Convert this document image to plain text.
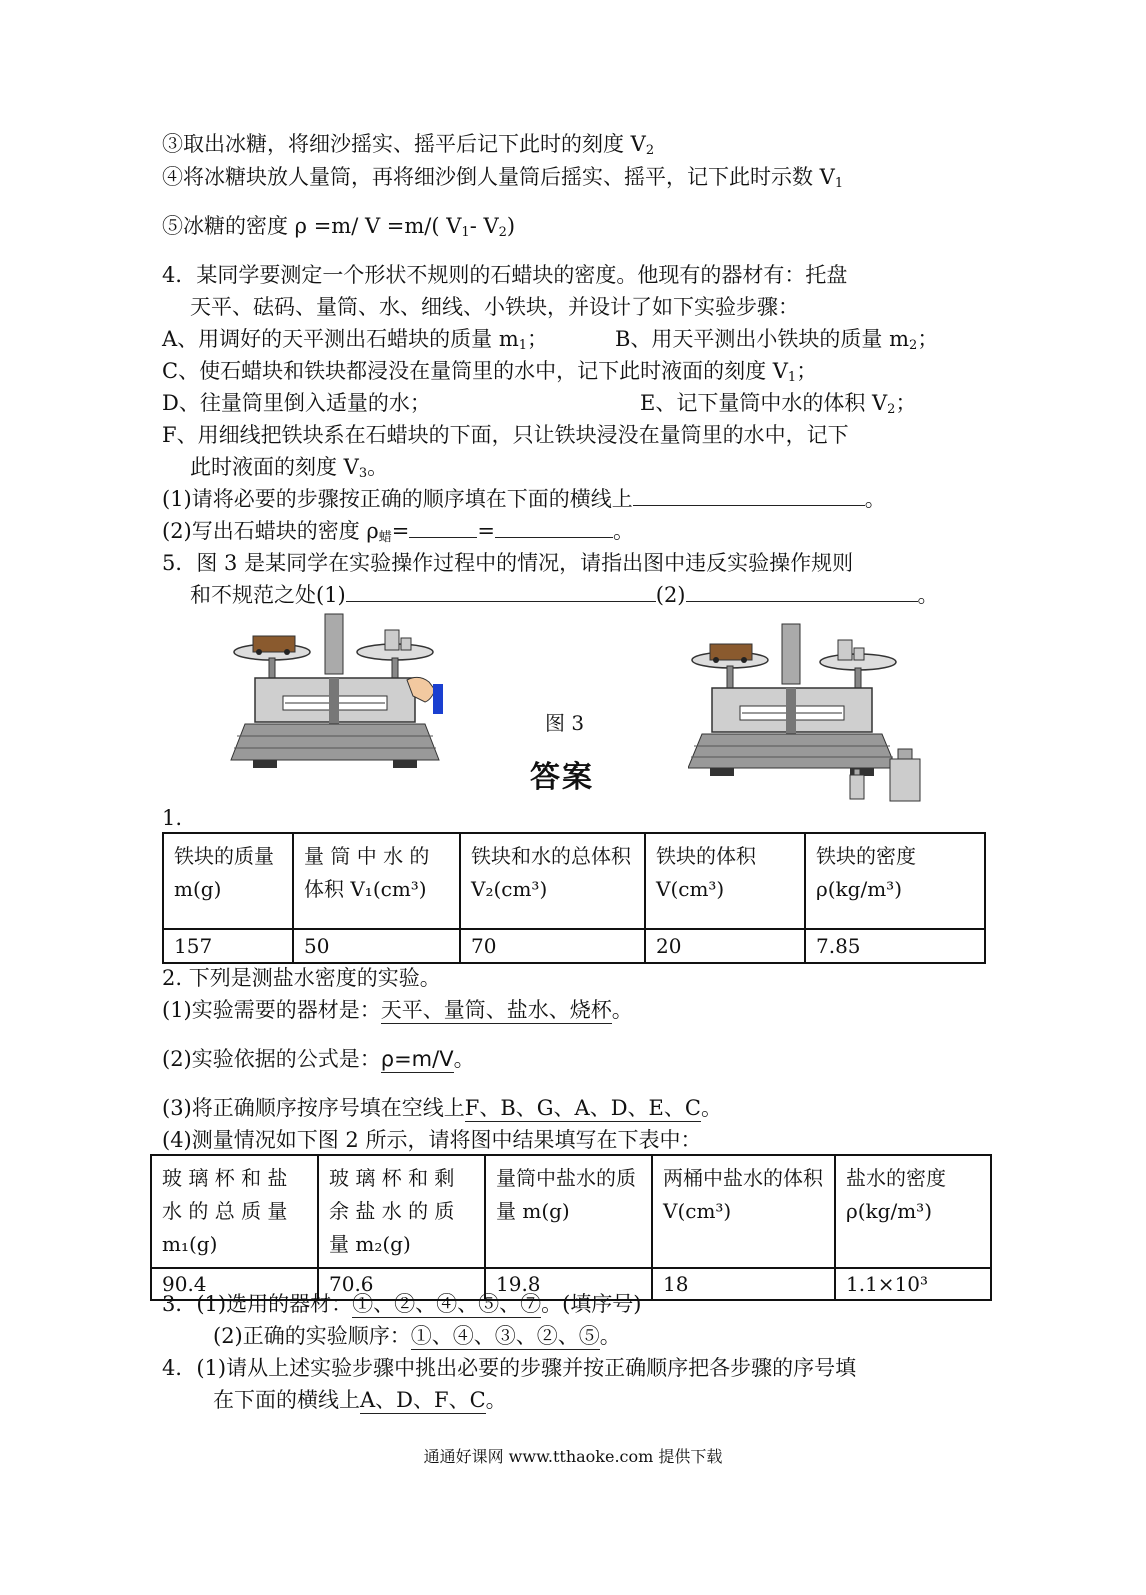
③取出冰糖，将细沙摇实、摇平后记下此时的刻度 $V_2$
④将冰糖块放人量筒，再将细沙倒人量筒后摇实、摇平，记下此时示数 $V_1$
⑤冰糖的密度 ρ =m/ V =m/( $V_1-$ $V_2$)
4．某同学要测定一个形状不规则的石蜡块的密度。他现有的器材有：托盘
天平、砝码、量筒、水、细线、小铁块，并设计了如下实验步骤：
A、用调好的天平测出石蜡块的质量 $m_1$；	B、用天平测出小铁块的质量 $m_2$；
C、使石蜡块和铁块都浸没在量筒里的水中，记下此时液面的刻度 $V_1$；
D、往量筒里倒入适量的水；	E、记下量筒中水的体积 $V_2$；
F、用细线把铁块系在石蜡块的下面，只让铁块浸没在量筒里的水中，记下
此时液面的刻度 $V_3$。
(1)请将必要的步骤按正确的顺序填在下面的横线上	。
(2)写出石蜡块的密度 $\rho_蜡=$	=	。
5．图 3 是某同学在实验操作过程中的情况，请指出图中违反实验操作规则
和不规范之处(1)	(2)	。
图 3
答案
1.
铁块的质量 m(g)	量 筒 中 水 的体积 V₁(cm³)	铁块和水的总体积 V₂(cm³)	铁块的体积V(cm³)	铁块的密度ρ(kg/m³)
157	50	70	20	7.85
2. 下列是测盐水密度的实验。
(1)实验需要的器材是：天平、量筒、盐水、烧杯。
(2)实验依据的公式是：ρ=m/V。
(3)将正确顺序按序号填在空线上F、B、G、A、D、E、C。
(4)测量情况如下图 2 所示，请将图中结果填写在下表中：
玻 璃 杯 和 盐水 的 总 质 量m₁(g)	玻 璃 杯 和 剩余 盐 水 的 质量 m₂(g)	量筒中盐水的质量 m(g)	两桶中盐水的体积 V(cm³)	盐水的密度ρ(kg/m³)
90.4	70.6	19.8	18	1.1×10³
3．(1)选用的器材：①、②、④、⑤、⑦。(填序号)
(2)正确的实验顺序：①、④、③、②、⑤。
4．(1)请从上述实验步骤中挑出必要的步骤并按正确顺序把各步骤的序号填
在下面的横线上A、D、F、C。
通通好课网 www.tthaoke.com 提供下载
